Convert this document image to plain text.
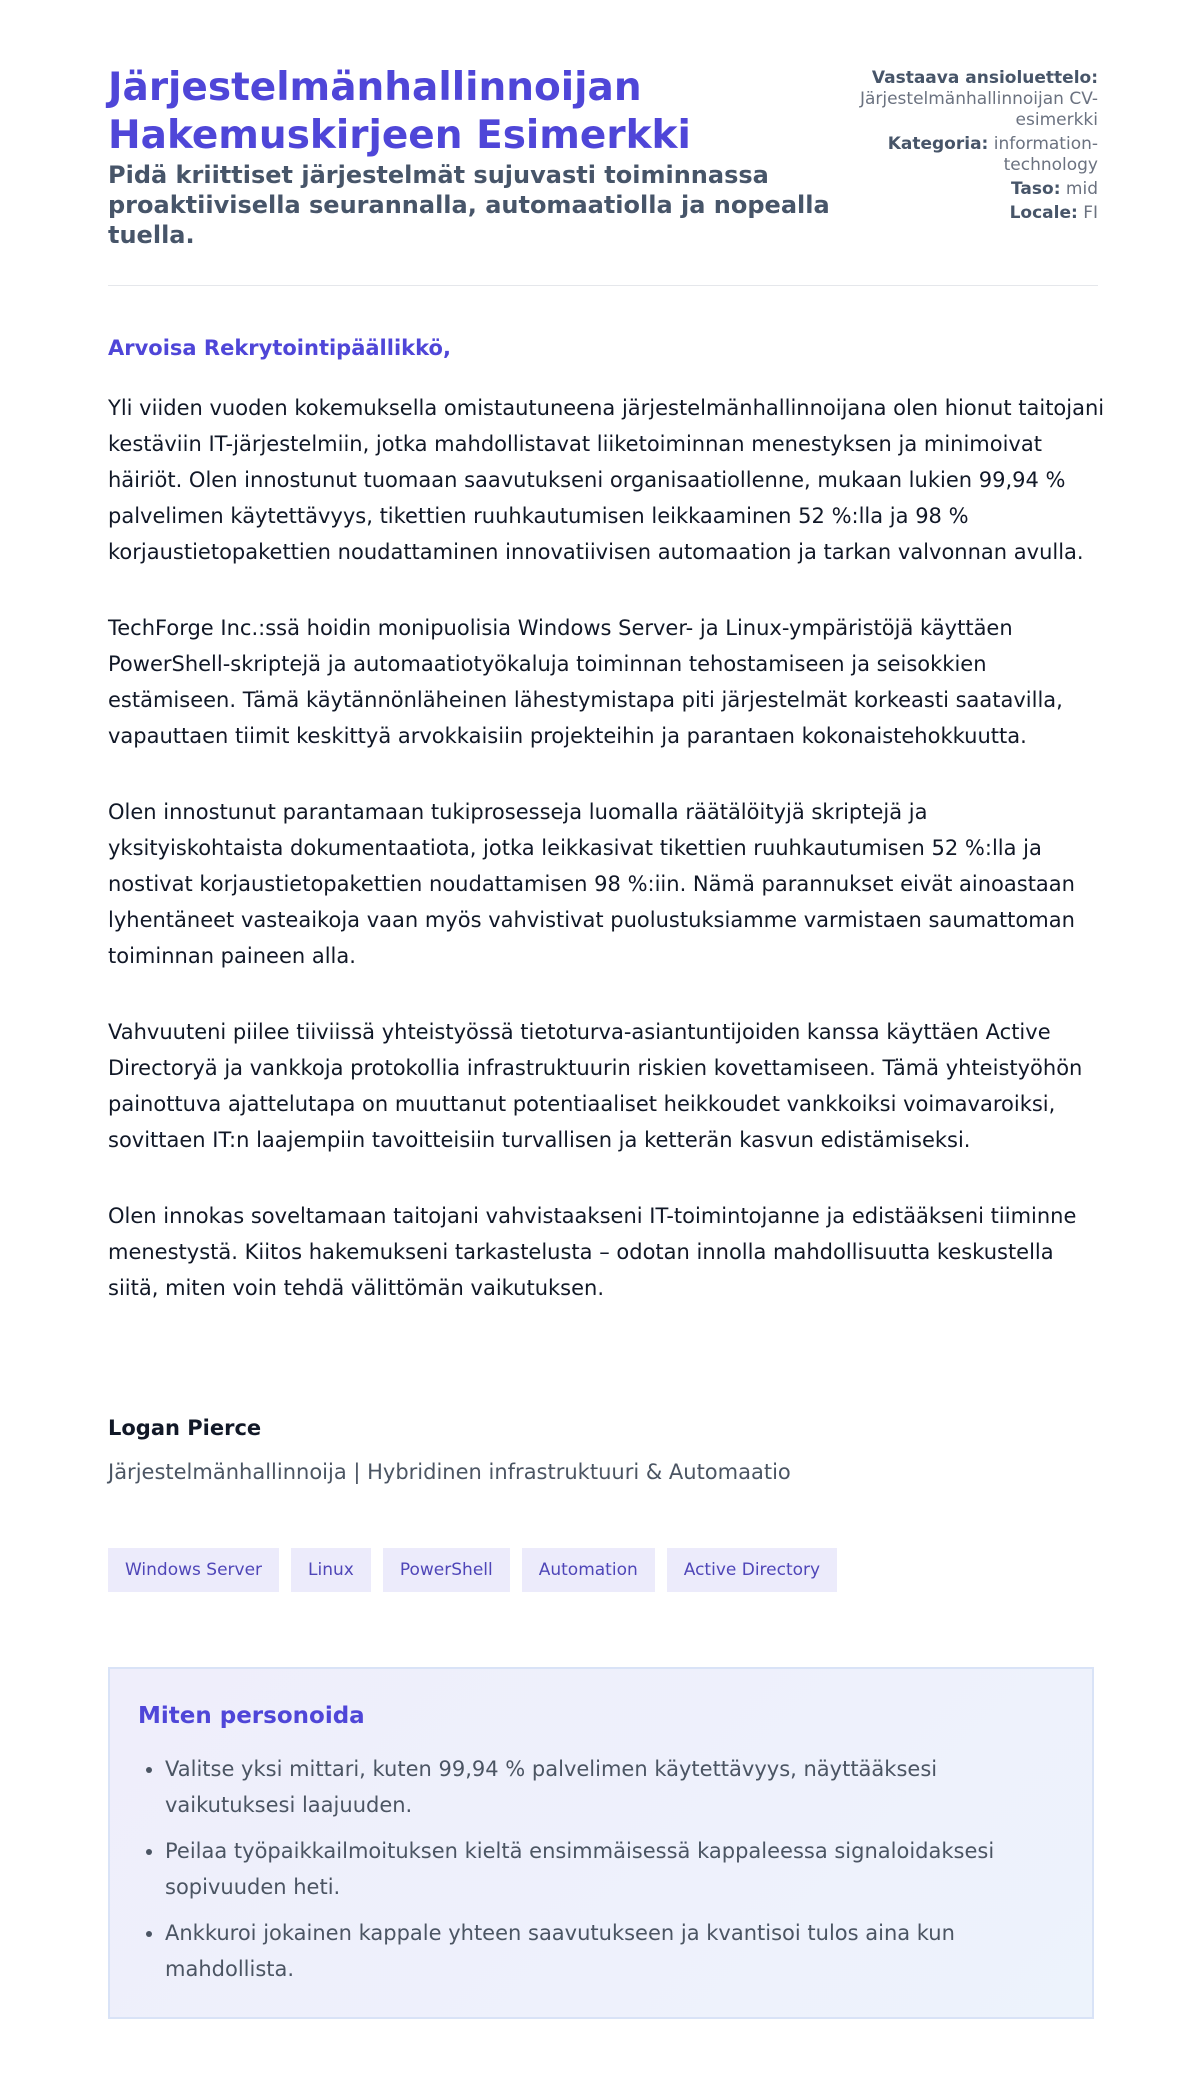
Järjestelmänhallinnoijan Hakemuskirjeen Esimerkki
Pidä kriittiset järjestelmät sujuvasti toiminnassa proaktiivisella seurannalla, automaatiolla ja nopealla tuella.
Vastaava ansioluettelo: Järjestelmänhallinnoijan CV-esimerkki
Kategoria: information-technology
Taso: mid
Locale: FI

Arvoisa Rekrytointipäällikkö,

Yli viiden vuoden kokemuksella omistautuneena järjestelmänhallinnoijana olen hionut taitojani kestäviin IT-järjestelmiin, jotka mahdollistavat liiketoiminnan menestyksen ja minimoivat häiriöt. Olen innostunut tuomaan saavutukseni organisaatiollenne, mukaan lukien 99,94 % palvelimen käytettävyys, tikettien ruuhkautumisen leikkaaminen 52 %:lla ja 98 % korjaustietopakettien noudattaminen innovatiivisen automaation ja tarkan valvonnan avulla.

TechForge Inc.:ssä hoidin monipuolisia Windows Server- ja Linux-ympäristöjä käyttäen PowerShell-skriptejä ja automaatiotyökaluja toiminnan tehostamiseen ja seisokkien estämiseen. Tämä käytännönläheinen lähestymistapa piti järjestelmät korkeasti saatavilla, vapauttaen tiimit keskittyä arvokkaisiin projekteihin ja parantaen kokonaistehokkuutta.

Olen innostunut parantamaan tukiprosesseja luomalla räätälöityjä skriptejä ja yksityiskohtaista dokumentaatiota, jotka leikkasivat tikettien ruuhkautumisen 52 %:lla ja nostivat korjaustietopakettien noudattamisen 98 %:iin. Nämä parannukset eivät ainoastaan lyhentäneet vasteaikoja vaan myös vahvistivat puolustuksiamme varmistaen saumattoman toiminnan paineen alla.

Vahvuuteni piilee tiiviissä yhteistyössä tietoturva-asiantuntijoiden kanssa käyttäen Active Directoryä ja vankkoja protokollia infrastruktuurin riskien kovettamiseen. Tämä yhteistyöhön painottuva ajattelutapa on muuttanut potentiaaliset heikkoudet vankkoiksi voimavaroiksi, sovittaen IT:n laajempiin tavoitteisiin turvallisen ja ketterän kasvun edistämiseksi.

Olen innokas soveltamaan taitojani vahvistaakseni IT-toimintojanne ja edistääkseni tiiminne menestystä. Kiitos hakemukseni tarkastelusta – odotan innolla mahdollisuutta keskustella siitä, miten voin tehdä välittömän vaikutuksen.

Logan Pierce

Järjestelmänhallinnoija | Hybridinen infrastruktuuri & Automaatio
Windows Server	Linux	PowerShell	Automation	Active Directory
Miten personoida
• Valitse yksi mittari, kuten 99,94 % palvelimen käytettävyys, näyttääksesi vaikutuksesi laajuuden.
• Peilaa työpaikkailmoituksen kieltä ensimmäisessä kappaleessa signaloidaksesi sopivuuden heti.
• Ankkuroi jokainen kappale yhteen saavutukseen ja kvantisoi tulos aina kun mahdollista.
